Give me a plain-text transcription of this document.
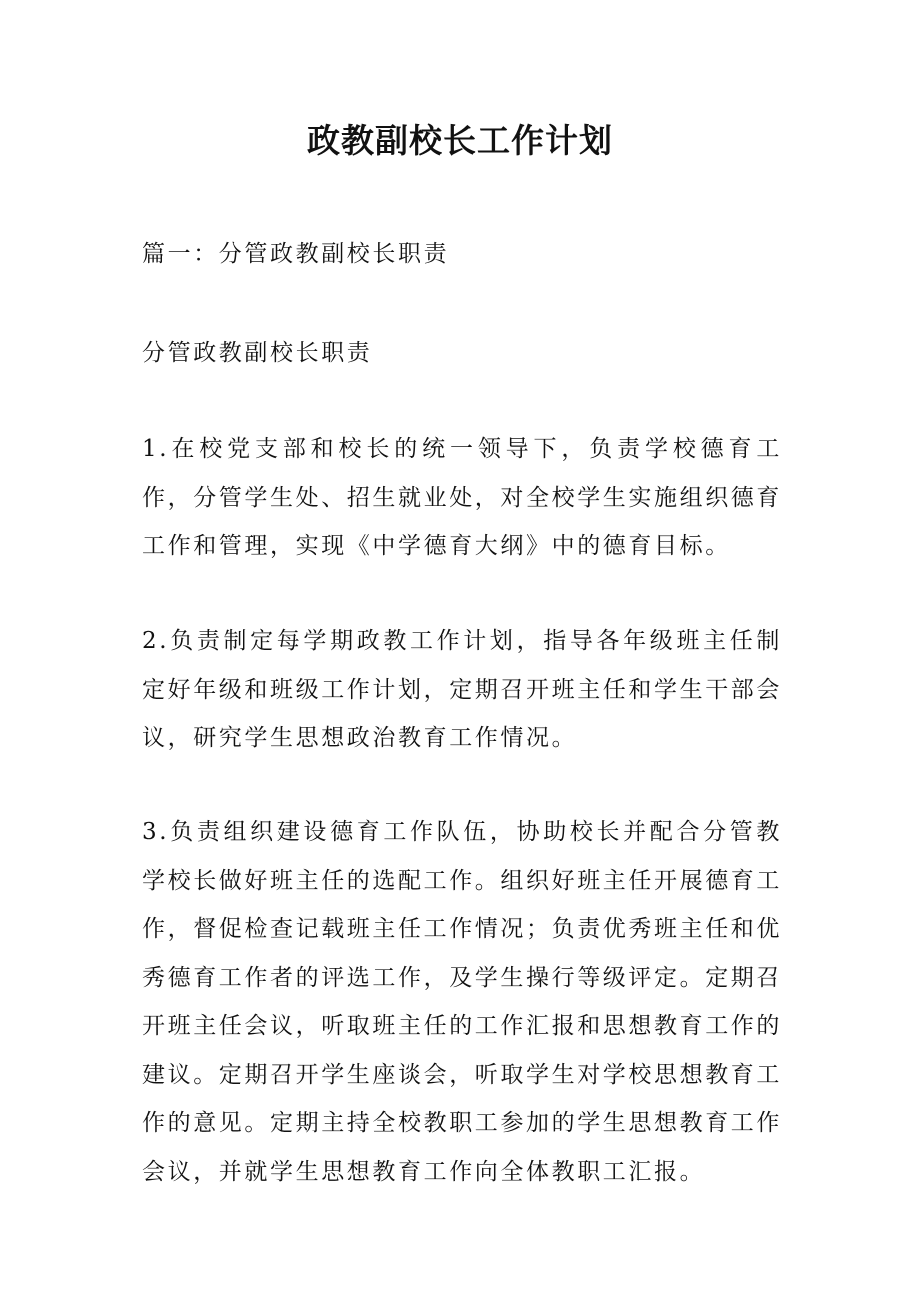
政教副校长工作计划

篇一：分管政教副校长职责

分管政教副校长职责

1.在校党支部和校长的统一领导下，负责学校德育工作，分管学生处、招生就业处，对全校学生实施组织德育工作和管理，实现《中学德育大纲》中的德育目标。

2.负责制定每学期政教工作计划，指导各年级班主任制定好年级和班级工作计划，定期召开班主任和学生干部会议，研究学生思想政治教育工作情况。

3.负责组织建设德育工作队伍，协助校长并配合分管教学校长做好班主任的选配工作。组织好班主任开展德育工作，督促检查记载班主任工作情况；负责优秀班主任和优秀德育工作者的评选工作，及学生操行等级评定。定期召开班主任会议，听取班主任的工作汇报和思想教育工作的建议。定期召开学生座谈会，听取学生对学校思想教育工作的意见。定期主持全校教职工参加的学生思想教育工作会议，并就学生思想教育工作向全体教职工汇报。
